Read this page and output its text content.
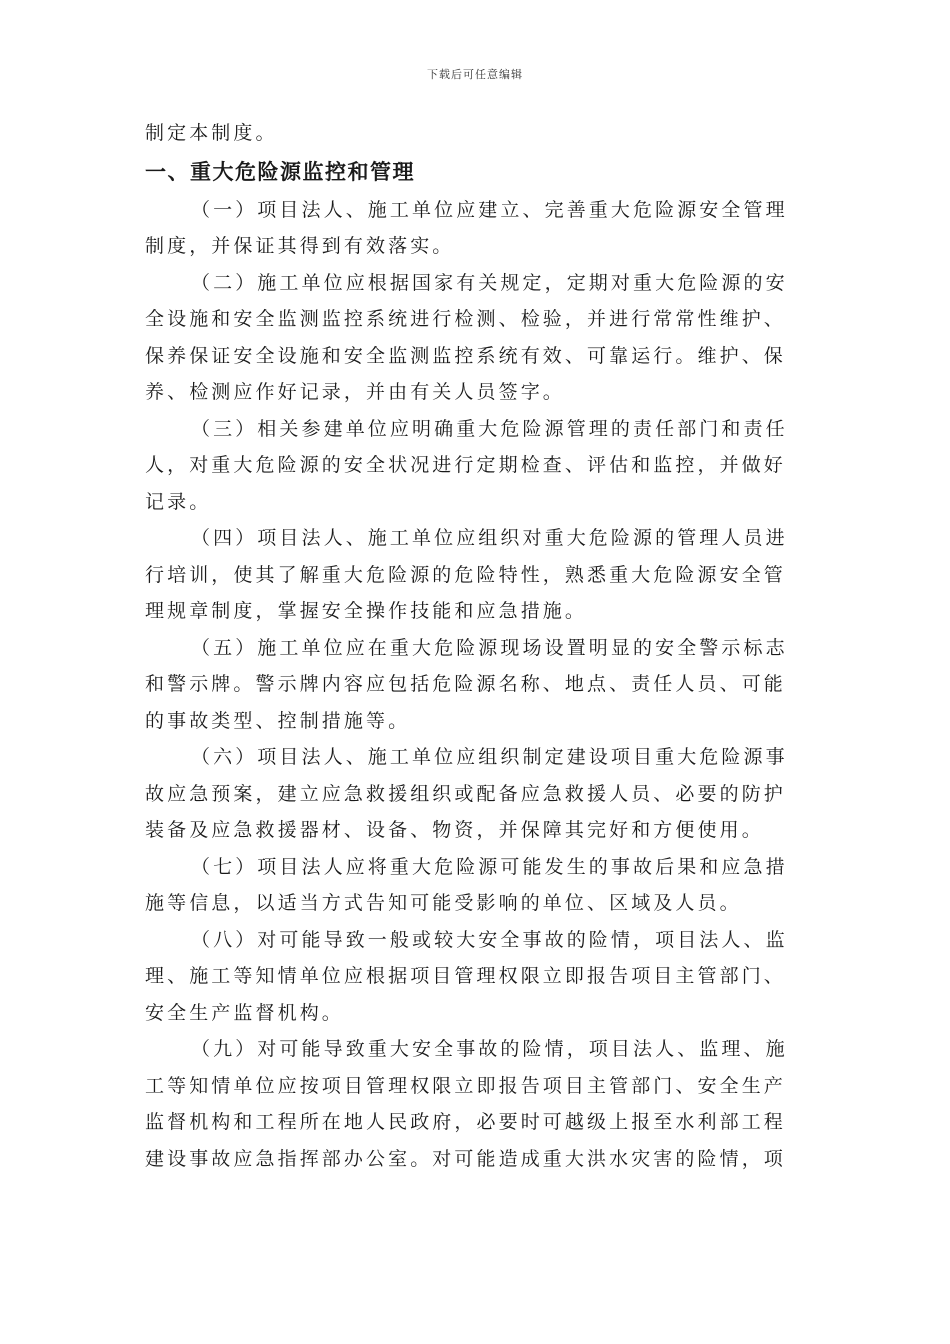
下载后可任意编辑

制定本制度。

一、重大危险源监控和管理

（一）项目法人、施工单位应建立、完善重大危险源安全管理

制度，并保证其得到有效落实。

（二）施工单位应根据国家有关规定，定期对重大危险源的安

全设施和安全监测监控系统进行检测、检验，并进行常常性维护、

保养保证安全设施和安全监测监控系统有效、可靠运行。维护、保

养、检测应作好记录，并由有关人员签字。

（三）相关参建单位应明确重大危险源管理的责任部门和责任

人，对重大危险源的安全状况进行定期检查、评估和监控，并做好

记录。

（四）项目法人、施工单位应组织对重大危险源的管理人员进

行培训，使其了解重大危险源的危险特性，熟悉重大危险源安全管

理规章制度，掌握安全操作技能和应急措施。

（五）施工单位应在重大危险源现场设置明显的安全警示标志

和警示牌。警示牌内容应包括危险源名称、地点、责任人员、可能

的事故类型、控制措施等。

（六）项目法人、施工单位应组织制定建设项目重大危险源事

故应急预案，建立应急救援组织或配备应急救援人员、必要的防护

装备及应急救援器材、设备、物资，并保障其完好和方便使用。

（七）项目法人应将重大危险源可能发生的事故后果和应急措

施等信息，以适当方式告知可能受影响的单位、区域及人员。

（八）对可能导致一般或较大安全事故的险情，项目法人、监

理、施工等知情单位应根据项目管理权限立即报告项目主管部门、

安全生产监督机构。

（九）对可能导致重大安全事故的险情，项目法人、监理、施

工等知情单位应按项目管理权限立即报告项目主管部门、安全生产

监督机构和工程所在地人民政府，必要时可越级上报至水利部工程

建设事故应急指挥部办公室。对可能造成重大洪水灾害的险情，项
